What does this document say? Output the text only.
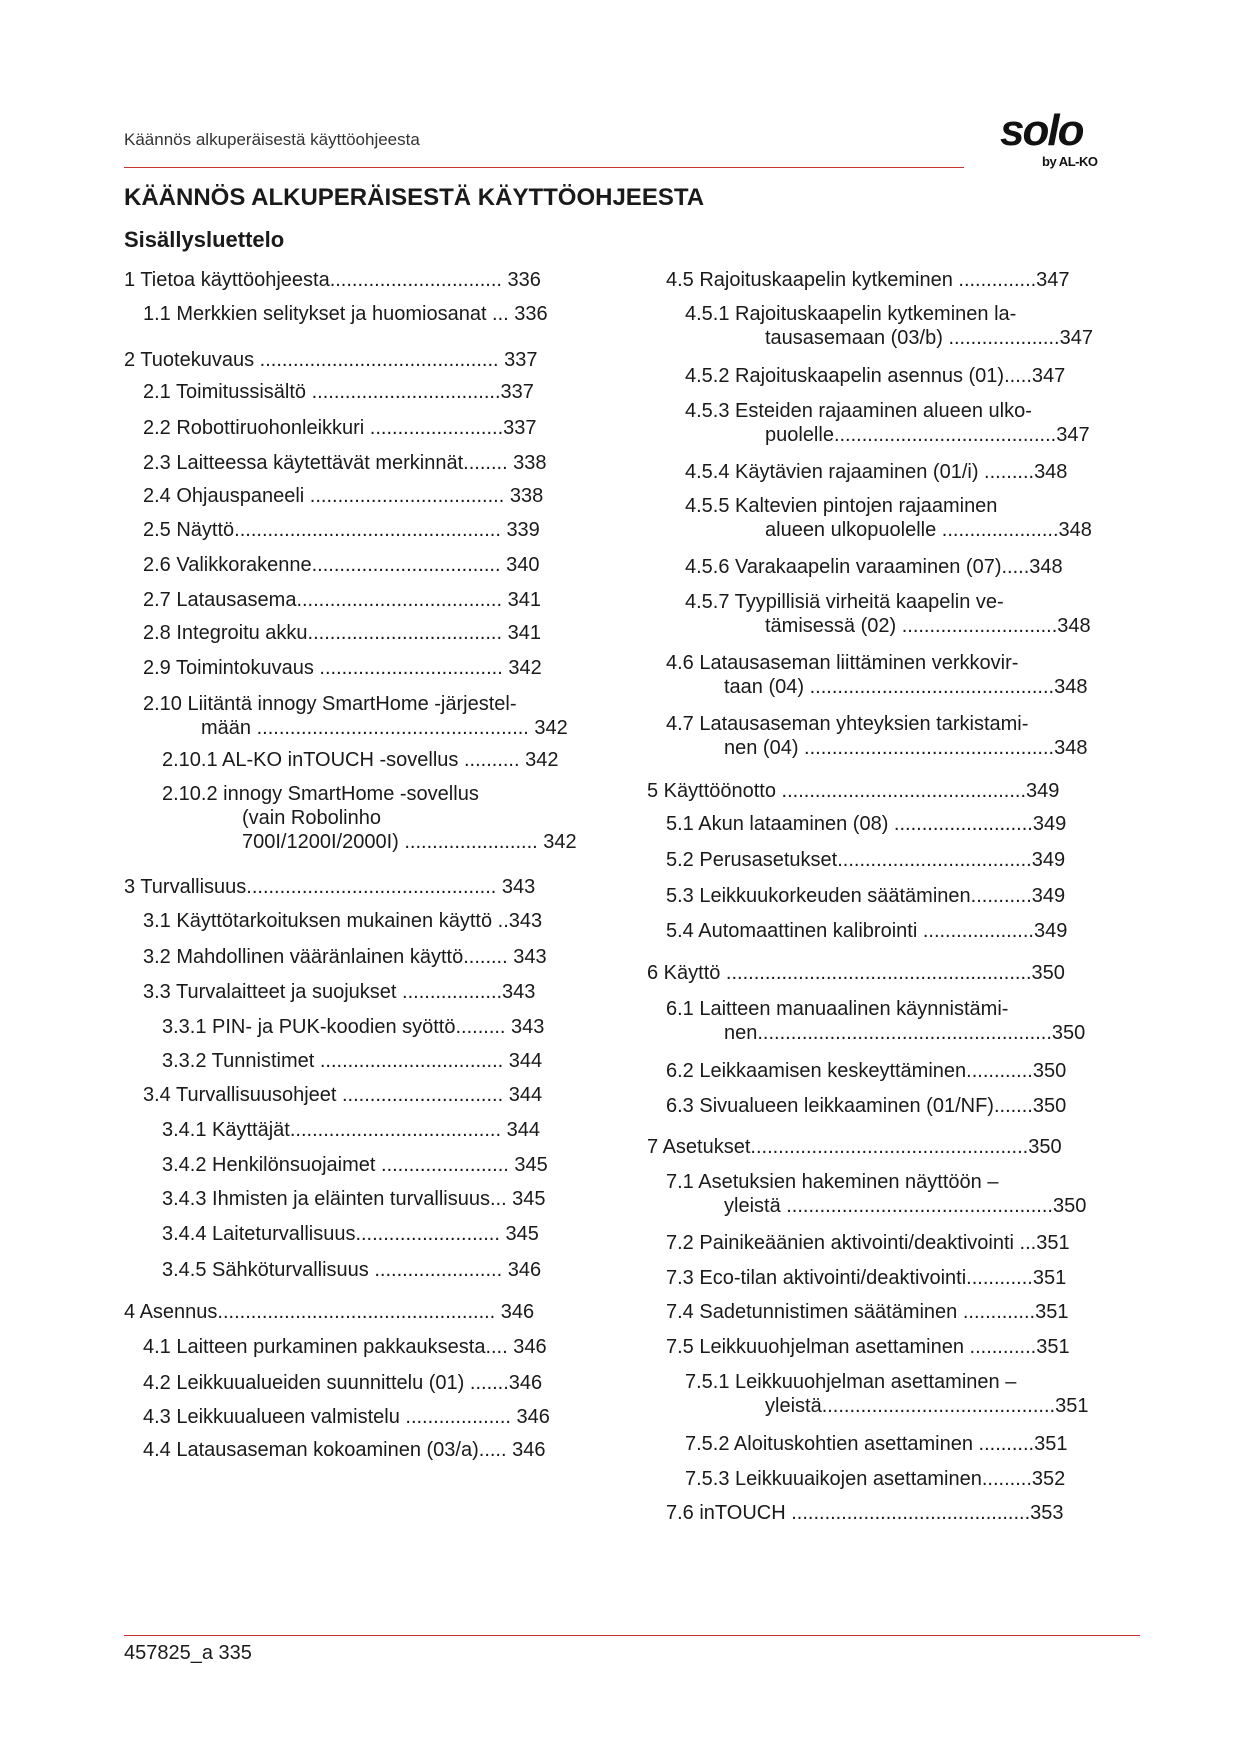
Käännös alkuperäisestä käyttöohjeesta	solo
by AL-KO
KÄÄNNÖS ALKUPERÄISESTÄ KÄYTTÖOHJEESTA
Sisällysluettelo
1 Tietoa käyttöohjeesta............................... 336
1.1 Merkkien selitykset ja huomiosanat ... 336
2 Tuotekuvaus ........................................... 337
2.1 Toimitussisältö ..................................337
2.2 Robottiruohonleikkuri ........................337
2.3 Laitteessa käytettävät merkinnät........ 338
2.4 Ohjauspaneeli ................................... 338
2.5 Näyttö................................................ 339
2.6 Valikkorakenne.................................. 340
2.7 Latausasema..................................... 341
2.8 Integroitu akku................................... 341
2.9 Toimintokuvaus ................................. 342
2.10 Liitäntä innogy SmartHome -järjestel-
mään ................................................. 342
2.10.1 AL-KO inTOUCH -sovellus .......... 342
2.10.2 innogy SmartHome -sovellus
(vain Robolinho
700I/1200I/2000I) ........................ 342
3 Turvallisuus............................................. 343
3.1 Käyttötarkoituksen mukainen käyttö ..343
3.2 Mahdollinen vääränlainen käyttö........ 343
3.3 Turvalaitteet ja suojukset ..................343
3.3.1 PIN- ja PUK-koodien syöttö......... 343
3.3.2 Tunnistimet ................................. 344
3.4 Turvallisuusohjeet ............................. 344
3.4.1 Käyttäjät...................................... 344
3.4.2 Henkilönsuojaimet ....................... 345
3.4.3 Ihmisten ja eläinten turvallisuus... 345
3.4.4 Laiteturvallisuus.......................... 345
3.4.5 Sähköturvallisuus ....................... 346
4 Asennus.................................................. 346
4.1 Laitteen purkaminen pakkauksesta.... 346
4.2 Leikkuualueiden suunnittelu (01) .......346
4.3 Leikkuualueen valmistelu ................... 346
4.4 Latausaseman kokoaminen (03/a)..... 346
4.5 Rajoituskaapelin kytkeminen ..............347
4.5.1 Rajoituskaapelin kytkeminen la-
tausasemaan (03/b) ....................347
4.5.2 Rajoituskaapelin asennus (01).....347
4.5.3 Esteiden rajaaminen alueen ulko-
puolelle........................................347
4.5.4 Käytävien rajaaminen (01/i) .........348
4.5.5 Kaltevien pintojen rajaaminen
alueen ulkopuolelle .....................348
4.5.6 Varakaapelin varaaminen (07).....348
4.5.7 Tyypillisiä virheitä kaapelin ve-
tämisessä (02) ............................348
4.6 Latausaseman liittäminen verkkovir-
taan (04) ............................................348
4.7 Latausaseman yhteyksien tarkistami-
nen (04) .............................................348
5 Käyttöönotto ............................................349
5.1 Akun lataaminen (08) .........................349
5.2 Perusasetukset...................................349
5.3 Leikkuukorkeuden säätäminen...........349
5.4 Automaattinen kalibrointi ....................349
6 Käyttö .......................................................350
6.1 Laitteen manuaalinen käynnistämi-
nen.....................................................350
6.2 Leikkaamisen keskeyttäminen............350
6.3 Sivualueen leikkaaminen (01/NF).......350
7 Asetukset..................................................350
7.1 Asetuksien hakeminen näyttöön –
yleistä ................................................350
7.2 Painikeäänien aktivointi/deaktivointi ...351
7.3 Eco-tilan aktivointi/deaktivointi............351
7.4 Sadetunnistimen säätäminen .............351
7.5 Leikkuuohjelman asettaminen ............351
7.5.1 Leikkuuohjelman asettaminen –
yleistä..........................................351
7.5.2 Aloituskohtien asettaminen ..........351
7.5.3 Leikkuuaikojen asettaminen.........352
7.6 inTOUCH ...........................................353
457825_a 335
